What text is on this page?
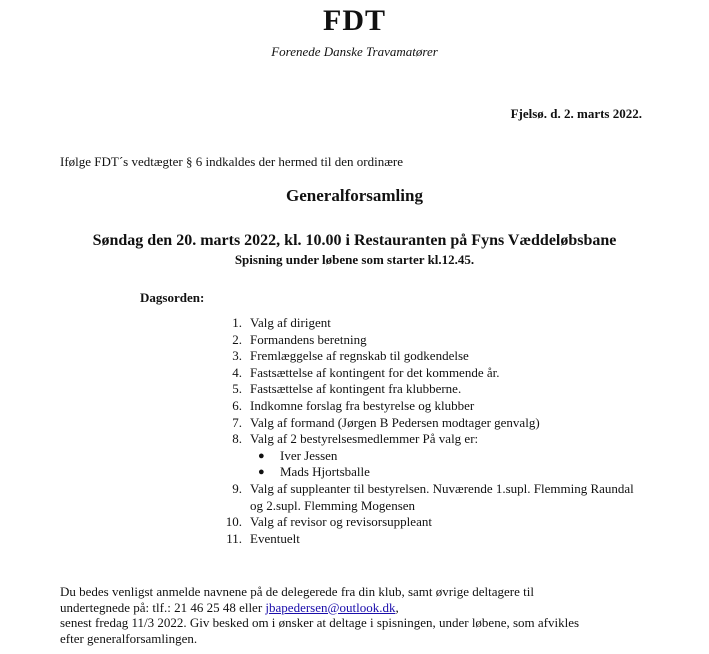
FDT
Forenede Danske Travamatører
Fjelsø. d. 2. marts 2022.
Ifølge FDT´s vedtægter § 6 indkaldes der hermed til den ordinære
Generalforsamling
Søndag den 20. marts 2022, kl. 10.00 i Restauranten på Fyns Væddeløbsbane
Spisning under løbene som starter kl.12.45.
Dagsorden:
1. Valg af dirigent
2. Formandens beretning
3. Fremlæggelse af regnskab til godkendelse
4. Fastsættelse af kontingent for det kommende år.
5. Fastsættelse af kontingent fra klubberne.
6. Indkomne forslag fra bestyrelse og klubber
7. Valg af formand (Jørgen B Pedersen modtager genvalg)
8. Valg af 2 bestyrelsesmedlemmer På valg er:
●	Iver Jessen
●	Mads Hjortsballe
9. Valg af suppleanter til bestyrelsen. Nuværende 1.supl. Flemming Raundal og 2.supl. Flemming Mogensen
10. Valg af revisor og revisorsuppleant
11. Eventuelt
Du bedes venligst anmelde navnene på de delegerede fra din klub, samt øvrige deltagere til
undertegnede på: tlf.: 21 46 25 48 eller jbapedersen@outlook.dk,
senest fredag 11/3 2022. Giv besked om i ønsker at deltage i spisningen, under løbene, som afvikles
efter generalforsamlingen.
